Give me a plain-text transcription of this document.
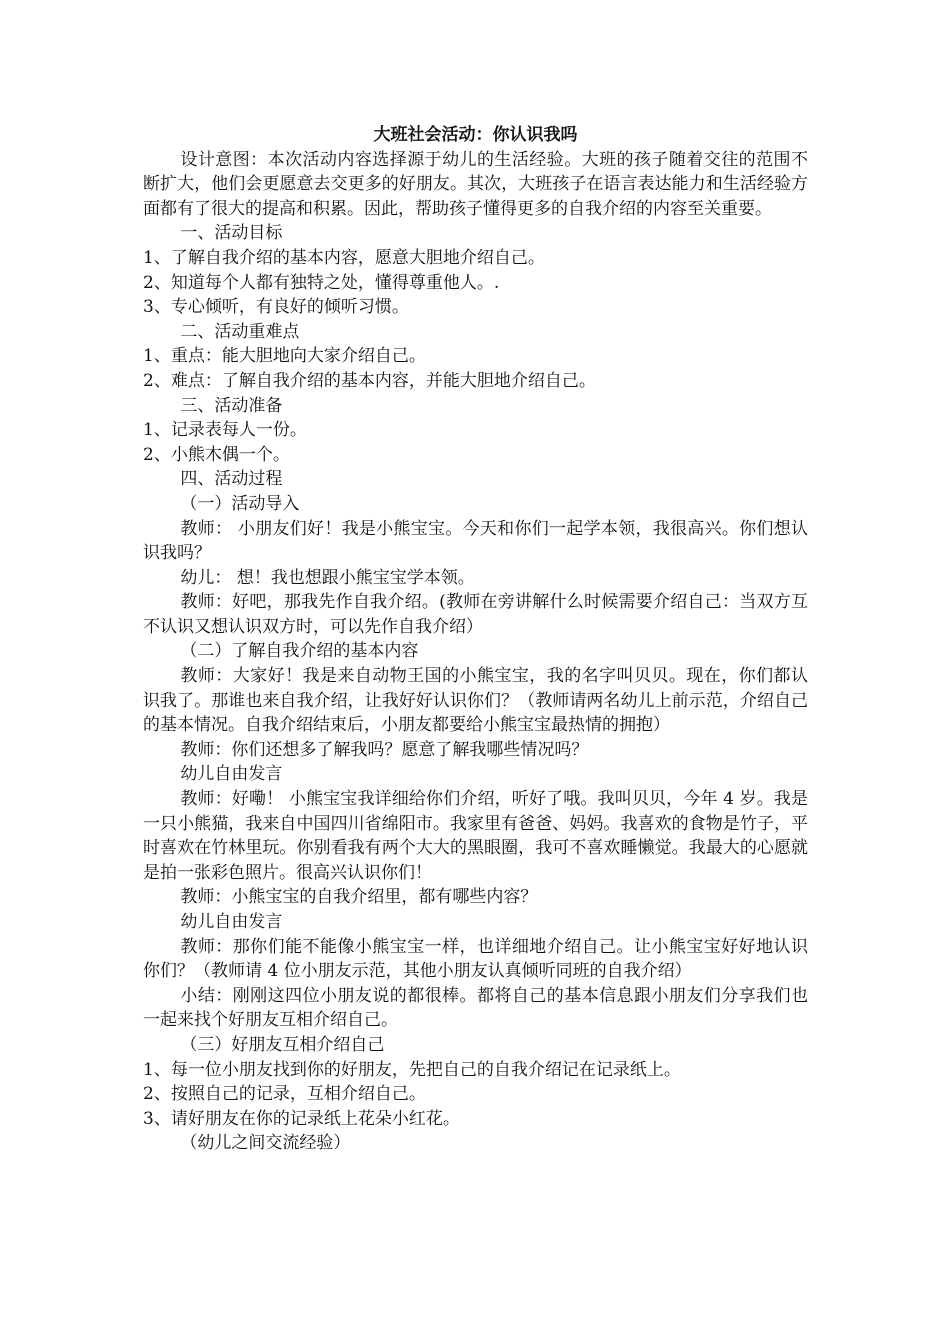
大班社会活动：你认识我吗

设计意图：本次活动内容选择源于幼儿的生活经验。大班的孩子随着交往的范围不断扩大，他们会更愿意去交更多的好朋友。其次，大班孩子在语言表达能力和生活经验方面都有了很大的提高和积累。因此，帮助孩子懂得更多的自我介绍的内容至关重要。

一、活动目标

1、了解自我介绍的基本内容，愿意大胆地介绍自己。

2、知道每个人都有独特之处，懂得尊重他人。.

3、专心倾听，有良好的倾听习惯。

二、活动重难点

1、重点：能大胆地向大家介绍自己。

2、难点：了解自我介绍的基本内容，并能大胆地介绍自己。

三、活动准备

1、记录表每人一份。

2、小熊木偶一个。

四、活动过程

（一）活动导入

教师： 小朋友们好！我是小熊宝宝。今天和你们一起学本领，我很高兴。你们想认识我吗？

幼儿： 想！我也想跟小熊宝宝学本领。

教师：好吧，那我先作自我介绍。(教师在旁讲解什么时候需要介绍自己：当双方互不认识又想认识双方时，可以先作自我介绍）

（二）了解自我介绍的基本内容

教师：大家好！我是来自动物王国的小熊宝宝，我的名字叫贝贝。现在，你们都认识我了。那谁也来自我介绍，让我好好认识你们？（教师请两名幼儿上前示范，介绍自己的基本情况。自我介绍结束后，小朋友都要给小熊宝宝最热情的拥抱）

教师：你们还想多了解我吗？愿意了解我哪些情况吗？

幼儿自由发言

教师：好嘞！ 小熊宝宝我详细给你们介绍，听好了哦。我叫贝贝，今年 4 岁。我是一只小熊猫，我来自中国四川省绵阳市。我家里有爸爸、妈妈。我喜欢的食物是竹子，平时喜欢在竹林里玩。你别看我有两个大大的黑眼圈，我可不喜欢睡懒觉。我最大的心愿就是拍一张彩色照片。很高兴认识你们！

教师：小熊宝宝的自我介绍里，都有哪些内容？

幼儿自由发言

教师：那你们能不能像小熊宝宝一样，也详细地介绍自己。让小熊宝宝好好地认识你们？（教师请 4 位小朋友示范，其他小朋友认真倾听同班的自我介绍）

小结：刚刚这四位小朋友说的都很棒。都将自己的基本信息跟小朋友们分享我们也一起来找个好朋友互相介绍自己。

（三）好朋友互相介绍自己

1、每一位小朋友找到你的好朋友，先把自己的自我介绍记在记录纸上。

2、按照自己的记录，互相介绍自己。

3、请好朋友在你的记录纸上花朵小红花。

（幼儿之间交流经验）
